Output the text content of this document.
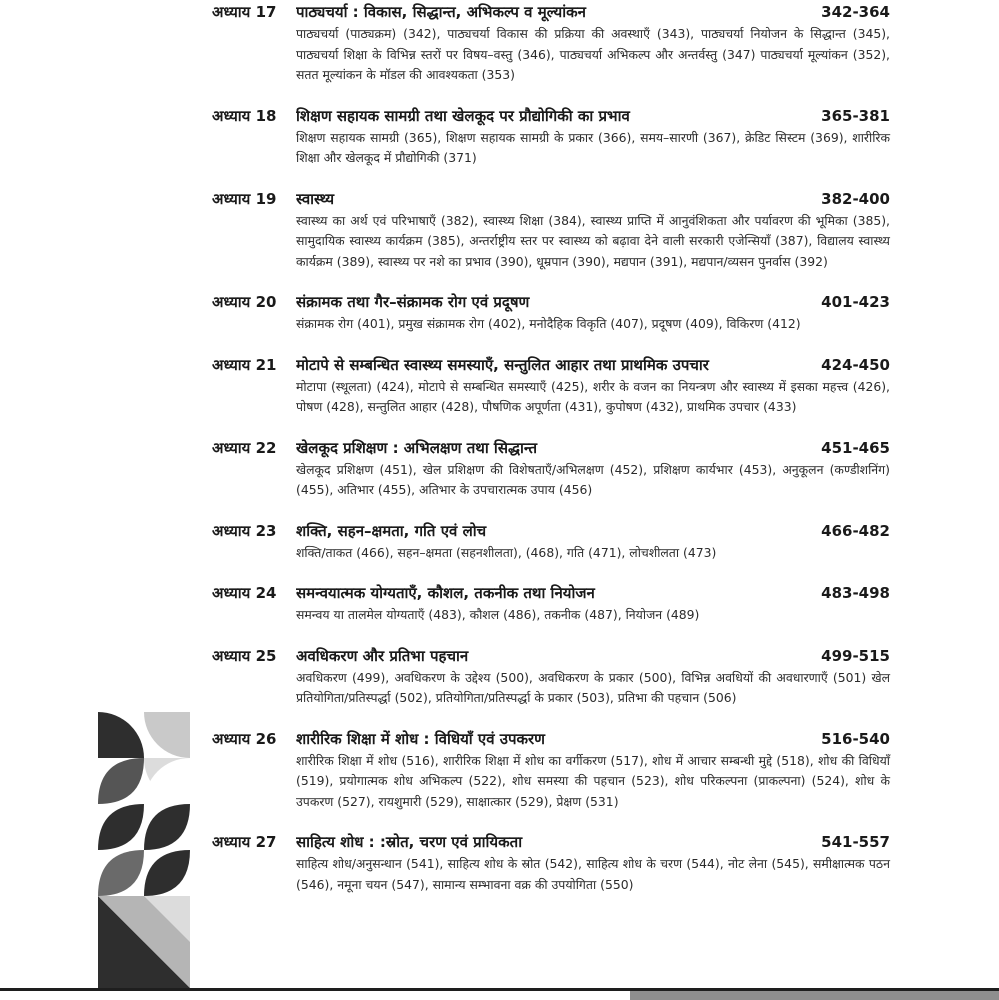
अध्याय 17	पाठ्यचर्या : विकास, सिद्धान्त, अभिकल्प व मूल्यांकन	342-364
पाठ्यचर्या (पाठ्यक्रम) (342), पाठ्यचर्या विकास की प्रक्रिया की अवस्थाएँ (343), पाठ्यचर्या नियोजन के सिद्धान्त (345), पाठ्यचर्या शिक्षा के विभिन्न स्तरों पर विषय–वस्तु (346), पाठ्यचर्या अभिकल्प और अन्तर्वस्तु (347) पाठ्यचर्या मूल्यांकन (352), सतत मूल्यांकन के मॉडल की आवश्यकता (353)
अध्याय 18	शिक्षण सहायक सामग्री तथा खेलकूद पर प्रौद्योगिकी का प्रभाव	365-381
शिक्षण सहायक सामग्री (365), शिक्षण सहायक सामग्री के प्रकार (366), समय–सारणी (367), क्रेडिट सिस्टम (369), शारीरिक शिक्षा और खेलकूद में प्रौद्योगिकी (371)
अध्याय 19	स्वास्थ्य	382-400
स्वास्थ्य का अर्थ एवं परिभाषाएँ (382), स्वास्थ्य शिक्षा (384), स्वास्थ्य प्राप्ति में आनुवंशिकता और पर्यावरण की भूमिका (385), सामुदायिक स्वास्थ्य कार्यक्रम (385), अन्तर्राष्ट्रीय स्तर पर स्वास्थ्य को बढ़ावा देने वाली सरकारी एजेन्सियाँ (387), विद्यालय स्वास्थ्य कार्यक्रम (389), स्वास्थ्य पर नशे का प्रभाव (390), धूम्रपान (390), मद्यपान (391), मद्यपान/व्यसन पुनर्वास (392)
अध्याय 20	संक्रामक तथा गैर–संक्रामक रोग एवं प्रदूषण	401-423
संक्रामक रोग (401), प्रमुख संक्रामक रोग (402), मनोदैहिक विकृति (407), प्रदूषण (409), विकिरण (412)
अध्याय 21	मोटापे से सम्बन्धित स्वास्थ्य समस्याएँ, सन्तुलित आहार तथा प्राथमिक उपचार	424-450
मोटापा (स्थूलता) (424), मोटापे से सम्बन्धित समस्याएँ (425), शरीर के वजन का नियन्त्रण और स्वास्थ्य में इसका महत्त्व (426), पोषण (428), सन्तुलित आहार (428), पौषणिक अपूर्णता (431), कुपोषण (432), प्राथमिक उपचार (433)
अध्याय 22	खेलकूद प्रशिक्षण : अभिलक्षण तथा सिद्धान्त	451-465
खेलकूद प्रशिक्षण (451), खेल प्रशिक्षण की विशेषताएँ/अभिलक्षण (452), प्रशिक्षण कार्यभार (453), अनुकूलन (कण्डीशनिंग) (455), अतिभार (455), अतिभार के उपचारात्मक उपाय (456)
अध्याय 23	शक्ति, सहन–क्षमता, गति एवं लोच	466-482
शक्ति/ताकत (466), सहन–क्षमता (सहनशीलता), (468), गति (471), लोचशीलता (473)
अध्याय 24	समन्वयात्मक योग्यताएँ, कौशल, तकनीक तथा नियोजन	483-498
समन्वय या तालमेल योग्यताएँ (483), कौशल (486), तकनीक (487), नियोजन (489)
अध्याय 25	अवधिकरण और प्रतिभा पहचान	499-515
अवधिकरण (499), अवधिकरण के उद्देश्य (500), अवधिकरण के प्रकार (500), विभिन्न अवधियों की अवधारणाएँ (501) खेल प्रतियोगिता/प्रतिस्पर्द्धा (502), प्रतियोगिता/प्रतिस्पर्द्धा के प्रकार (503), प्रतिभा की पहचान (506)
अध्याय 26	शारीरिक शिक्षा में शोध : विधियाँ एवं उपकरण	516-540
शारीरिक शिक्षा में शोध (516), शारीरिक शिक्षा में शोध का वर्गीकरण (517), शोध में आचार सम्बन्धी मुद्दे (518), शोध की विधियाँ (519), प्रयोगात्मक शोध अभिकल्प (522), शोध समस्या की पहचान (523), शोध परिकल्पना (प्राकल्पना) (524), शोध के उपकरण (527), रायशुमारी (529), साक्षात्कार (529), प्रेक्षण (531)
अध्याय 27	साहित्य शोध : :स्रोत, चरण एवं प्रायिकता	541-557
साहित्य शोध/अनुसन्धान (541), साहित्य शोध के स्रोत (542), साहित्य शोध के चरण (544), नोट लेना (545), समीक्षात्मक पठन (546), नमूना चयन (547), सामान्य सम्भावना वक्र की उपयोगिता (550)
